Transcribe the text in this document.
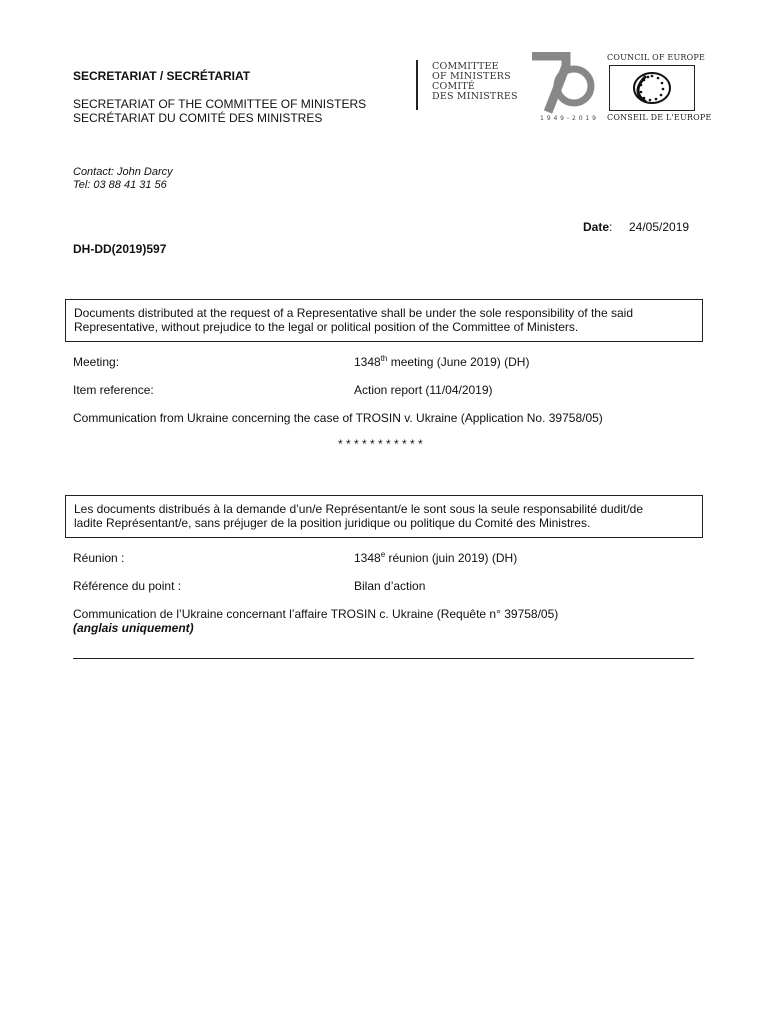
SECRETARIAT / SECRÉTARIAT
SECRETARIAT OF THE COMMITTEE OF MINISTERS
SECRÉTARIAT DU COMITÉ DES MINISTRES
COMMITTEE
OF MINISTERS
COMITÉ
DES MINISTRES
1 9 4 9 - 2 0 1 9
COUNCIL OF EUROPE
CONSEIL DE L'EUROPE
Contact: John Darcy
Tel: 03 88 41 31 56
Date: 24/05/2019
DH-DD(2019)597
Documents distributed at the request of a Representative shall be under the sole responsibility of the said
Representative, without prejudice to the legal or political position of the Committee of Ministers.
Meeting:	1348th meeting (June 2019) (DH)
Item reference:	Action report (11/04/2019)
Communication from Ukraine concerning the case of TROSIN v. Ukraine (Application No. 39758/05)
* * * * * * * * * * *
Les documents distribués à la demande d’un/e Représentant/e le sont sous la seule responsabilité dudit/de
ladite Représentant/e, sans préjuger de la position juridique ou politique du Comité des Ministres.
Réunion :	1348e réunion (juin 2019) (DH)
Référence du point :	Bilan d’action
Communication de l’Ukraine concernant l’affaire TROSIN c. Ukraine (Requête n° 39758/05)
(anglais uniquement)
